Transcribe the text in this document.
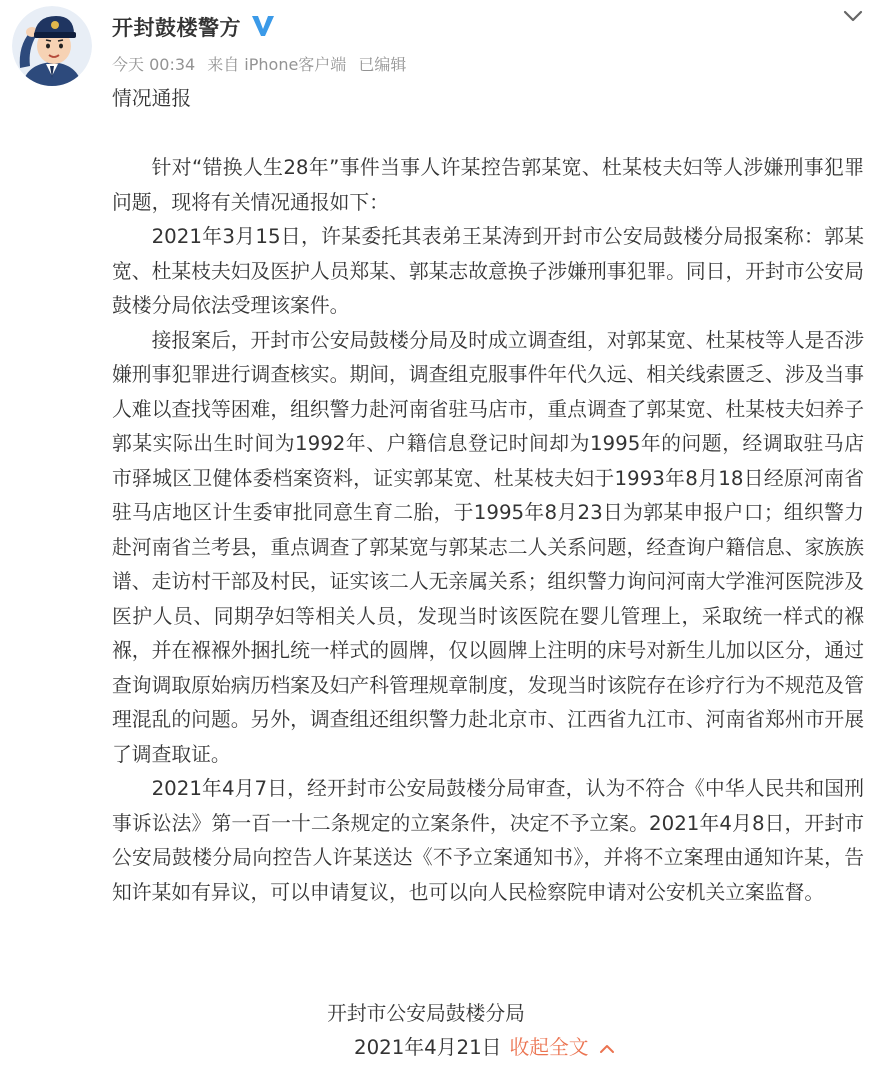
开封鼓楼警方
今天 00:34 来自 iPhone客户端 已编辑

情况通报

针对“错换人生28年”事件当事人许某控告郭某宽、杜某枝夫妇等人涉嫌刑事犯罪问题，现将有关情况通报如下：

2021年3月15日，许某委托其表弟王某涛到开封市公安局鼓楼分局报案称：郭某宽、杜某枝夫妇及医护人员郑某、郭某志故意换子涉嫌刑事犯罪。同日，开封市公安局鼓楼分局依法受理该案件。

接报案后，开封市公安局鼓楼分局及时成立调查组，对郭某宽、杜某枝等人是否涉嫌刑事犯罪进行调查核实。期间，调查组克服事件年代久远、相关线索匮乏、涉及当事人难以查找等困难，组织警力赴河南省驻马店市，重点调查了郭某宽、杜某枝夫妇养子郭某实际出生时间为1992年、户籍信息登记时间却为1995年的问题，经调取驻马店市驿城区卫健体委档案资料，证实郭某宽、杜某枝夫妇于1993年8月18日经原河南省驻马店地区计生委审批同意生育二胎，于1995年8月23日为郭某申报户口；组织警力赴河南省兰考县，重点调查了郭某宽与郭某志二人关系问题，经查询户籍信息、家族族谱、走访村干部及村民，证实该二人无亲属关系；组织警力询问河南大学淮河医院涉及医护人员、同期孕妇等相关人员，发现当时该医院在婴儿管理上，采取统一样式的褓褓，并在褓褓外捆扎统一样式的圆牌，仅以圆牌上注明的床号对新生儿加以区分，通过查询调取原始病历档案及妇产科管理规章制度，发现当时该院存在诊疗行为不规范及管理混乱的问题。另外，调查组还组织警力赴北京市、江西省九江市、河南省郑州市开展了调查取证。

2021年4月7日，经开封市公安局鼓楼分局审查，认为不符合《中华人民共和国刑事诉讼法》第一百一十二条规定的立案条件，决定不予立案。2021年4月8日，开封市公安局鼓楼分局向控告人许某送达《不予立案通知书》，并将不立案理由通知许某，告知许某如有异议，可以申请复议，也可以向人民检察院申请对公安机关立案监督。

开封市公安局鼓楼分局
2021年4月21日 收起全文
